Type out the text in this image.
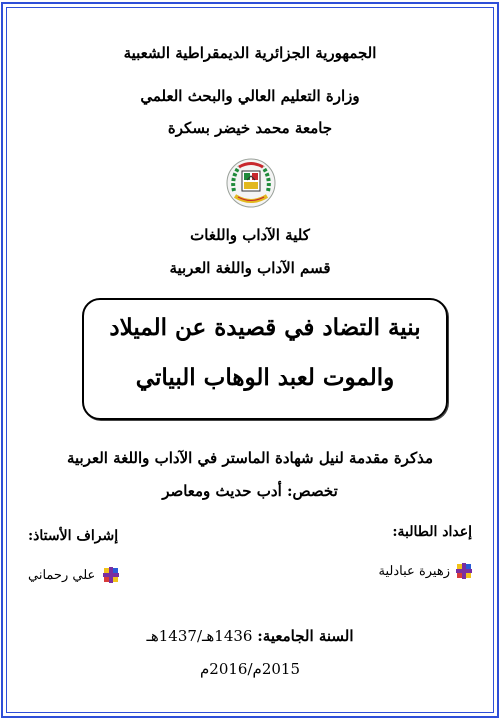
الجمهورية الجزائرية الديمقراطية الشعبية
وزارة التعليم العالي والبحث العلمي
جامعة محمد خيضر بسكرة
كلية الآداب واللغات
قسم الآداب واللغة العربية
بنية التضاد في قصيدة عن الميلاد
والموت لعبد الوهاب البياتي
مذكرة مقدمة لنيل شهادة الماستر في الآداب واللغة العربية
تخصص: أدب حديث ومعاصر
إعداد الطالبة:
إشراف الأستاذ:
زهيرة عبادلية
علي رحماني
السنة الجامعية: 1436هـ/1437هـ
2015م/2016م
